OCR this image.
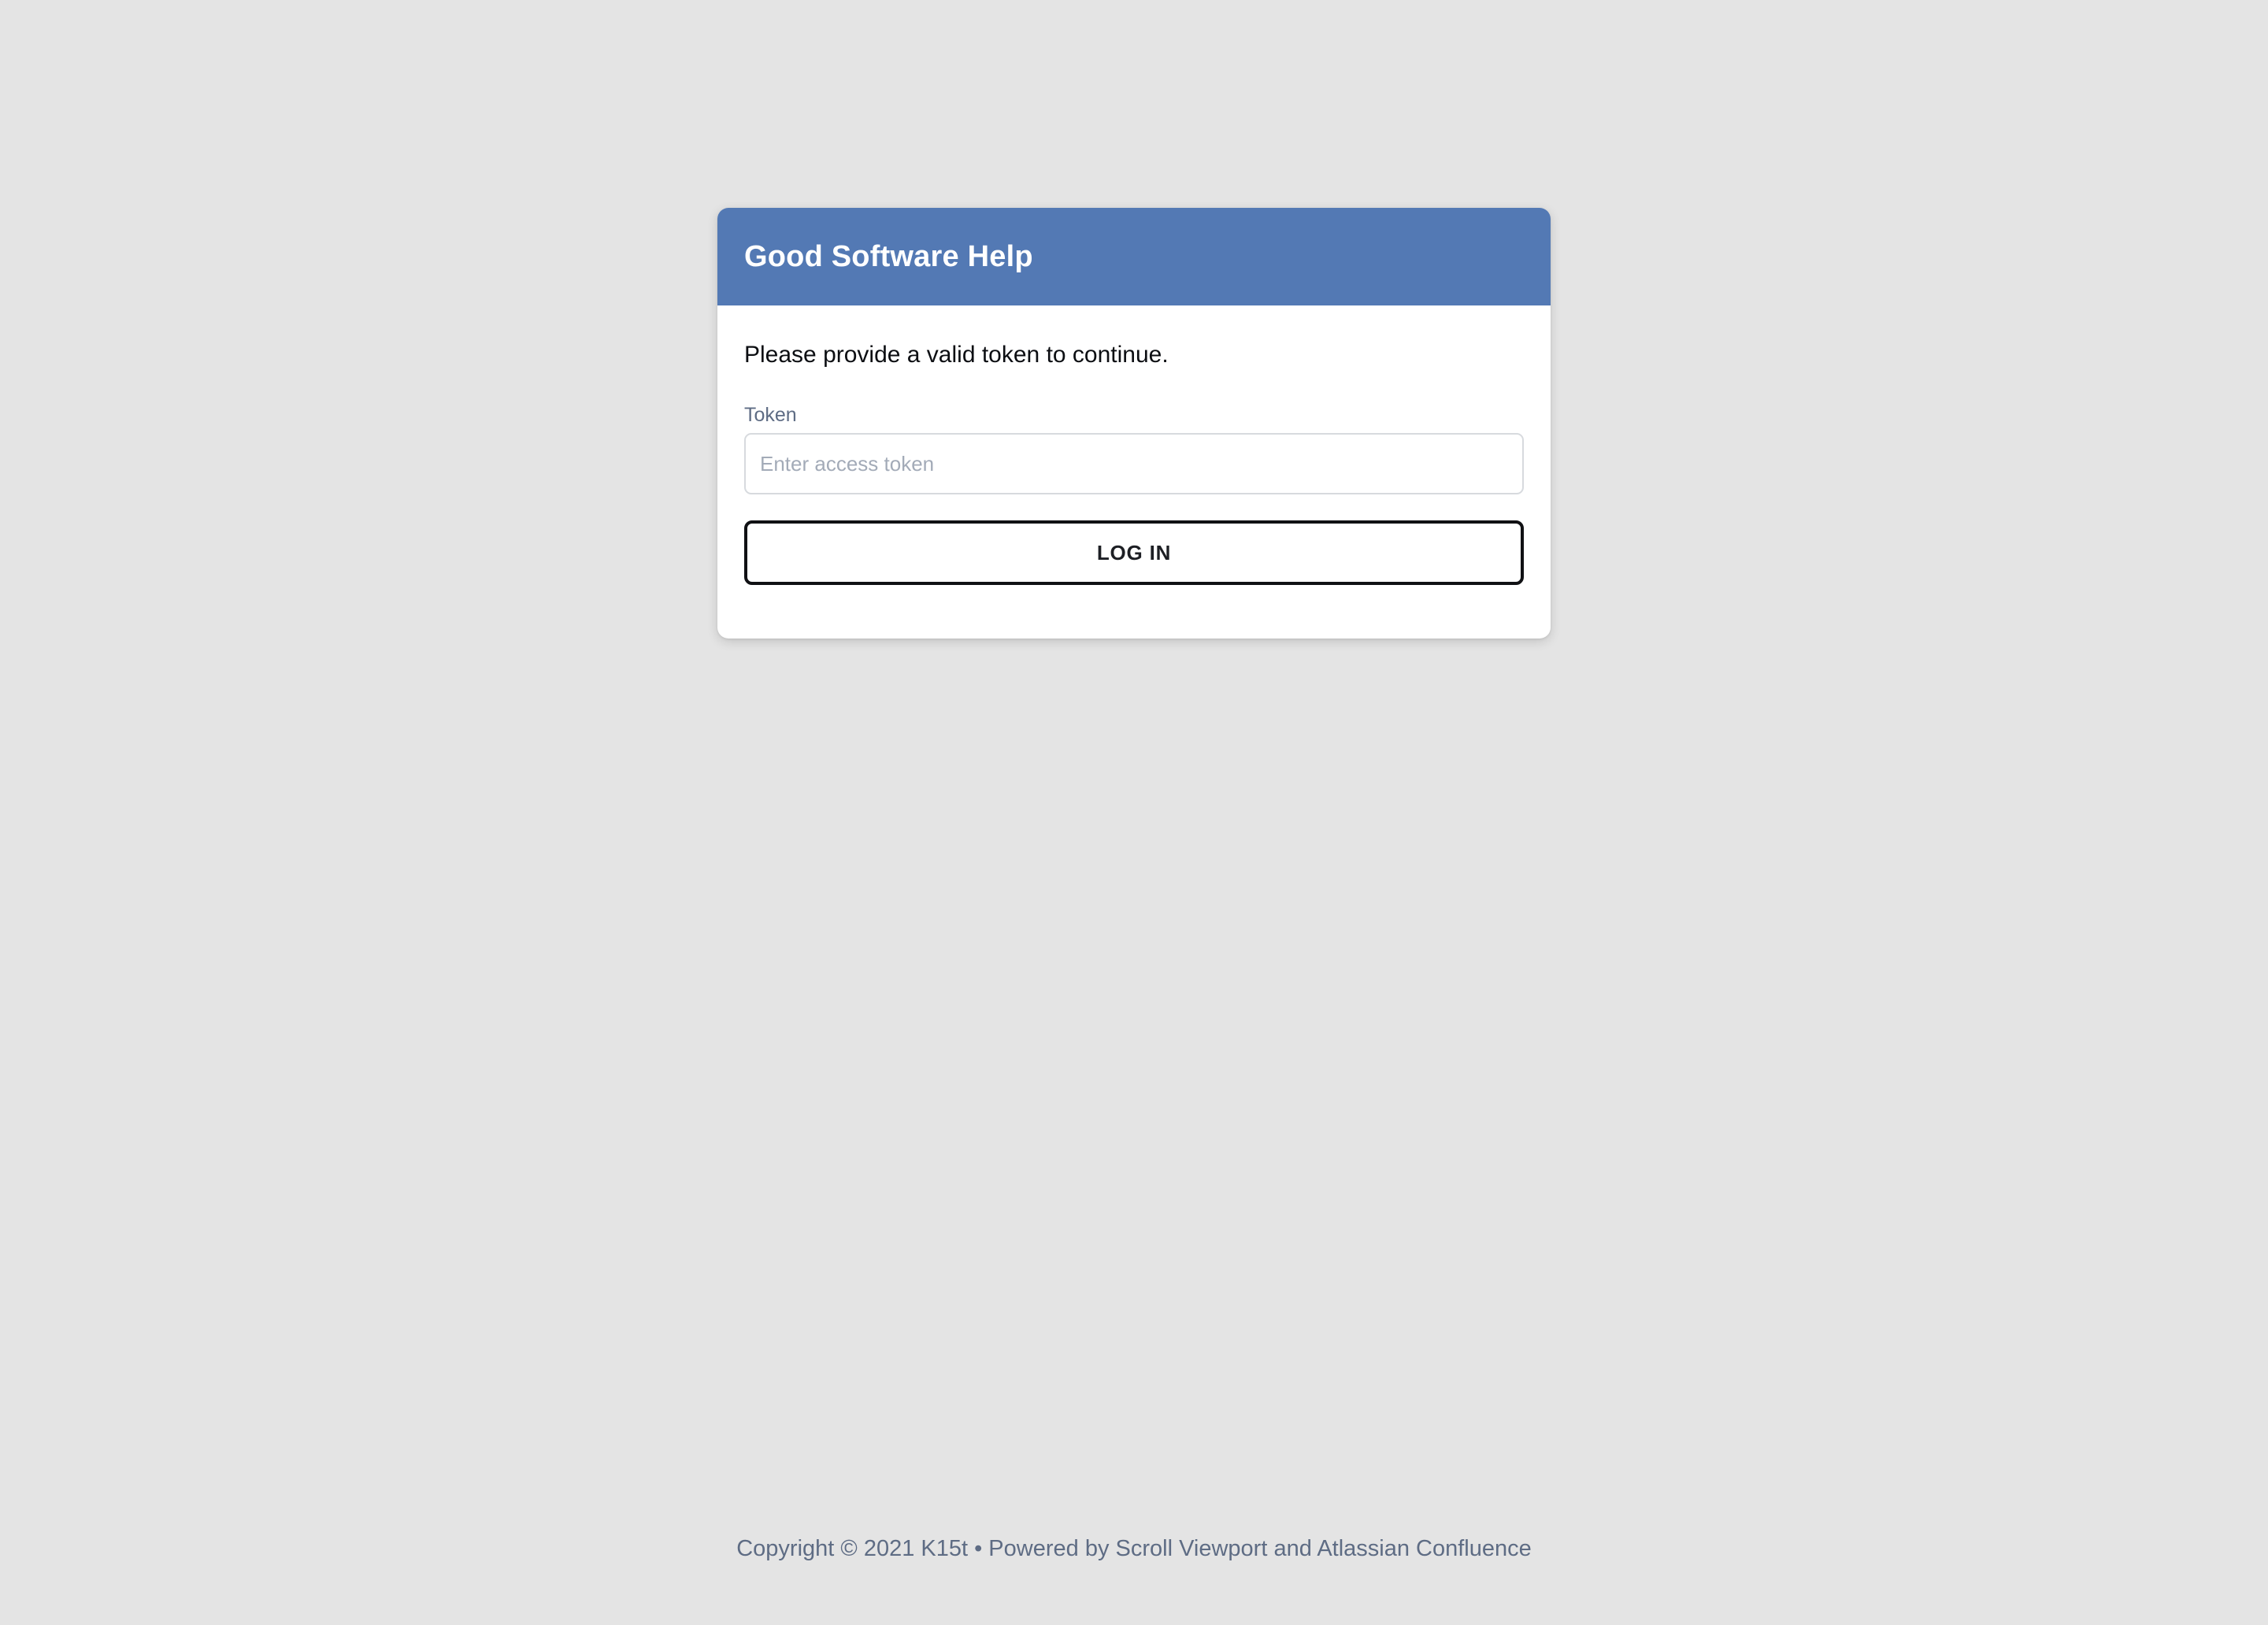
Good Software Help

Please provide a valid token to continue.

Token
Enter access token
LOG IN
Copyright © 2021 K15t • Powered by Scroll Viewport and Atlassian Confluence
